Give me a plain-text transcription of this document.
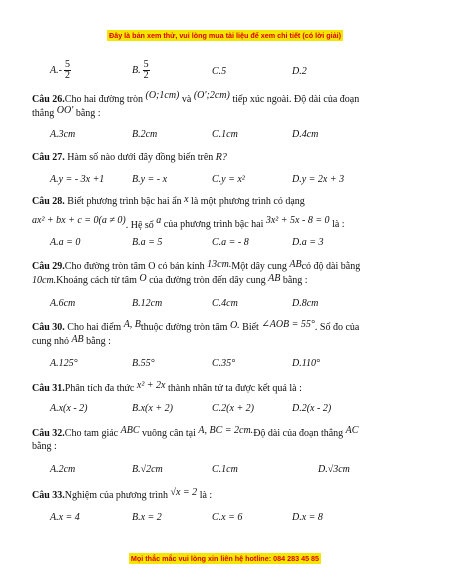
Đây là bản xem thử, vui lòng mua tài liệu để xem chi tiết (có lời giải)
$A.- \frac{5}{2}$	B. $\frac{5}{2}$	C.5	D.2
Câu 26.Cho hai đường tròn (O;1cm) và (O';2cm) tiếp xúc ngoài. Độ dài của đoạn
thẳng OO' bằng :
A.3cm	B.2cm	C.1cm	D.4cm
Câu 27. Hàm số nào dưới đây đồng biến trên R?
A.y = - 3x +1	B.y = - x	C.y = x²	D.y = 2x + 3
Câu 28. Biết phương trình bậc hai ẩn x là một phương trình có dạng
ax² + bx + c = 0(a ≠ 0). Hệ số a của phương trình bậc hai 3x² + 5x - 8 = 0 là :
A.a = 0	B.a = 5	C.a = - 8	D.a = 3
Câu 29.Cho đường tròn tâm O có bán kính 13cm.Một dây cung ABcó độ dài bằng
10cm.Khoảng cách từ tâm O của đường tròn đến dây cung AB bằng :
A.6cm	B.12cm	C.4cm	D.8cm
Câu 30. Cho hai điểm A, Bthuộc đường tròn tâm O. Biết ∠AOB = 55°. Số đo của
cung nhỏ AB bằng :
A.125°	B.55°	C.35°	D.110°
Câu 31.Phân tích đa thức x² + 2x thành nhân tử ta được kết quả là :
A.x(x - 2)	B.x(x + 2)	C.2(x + 2)	D.2(x - 2)
Câu 32.Cho tam giác ABC vuông cân tại A, BC = 2cm.Độ dài của đoạn thẳng AC
bằng :
A.2cm	B.√2cm	C.1cm	D.√3cm
Câu 33.Nghiệm của phương trình √x = 2 là :
A.x = 4	B.x = 2	C.x = 6	D.x = 8
Mọi thắc mắc vui lòng xin liên hệ hotline: 084 283 45 85
